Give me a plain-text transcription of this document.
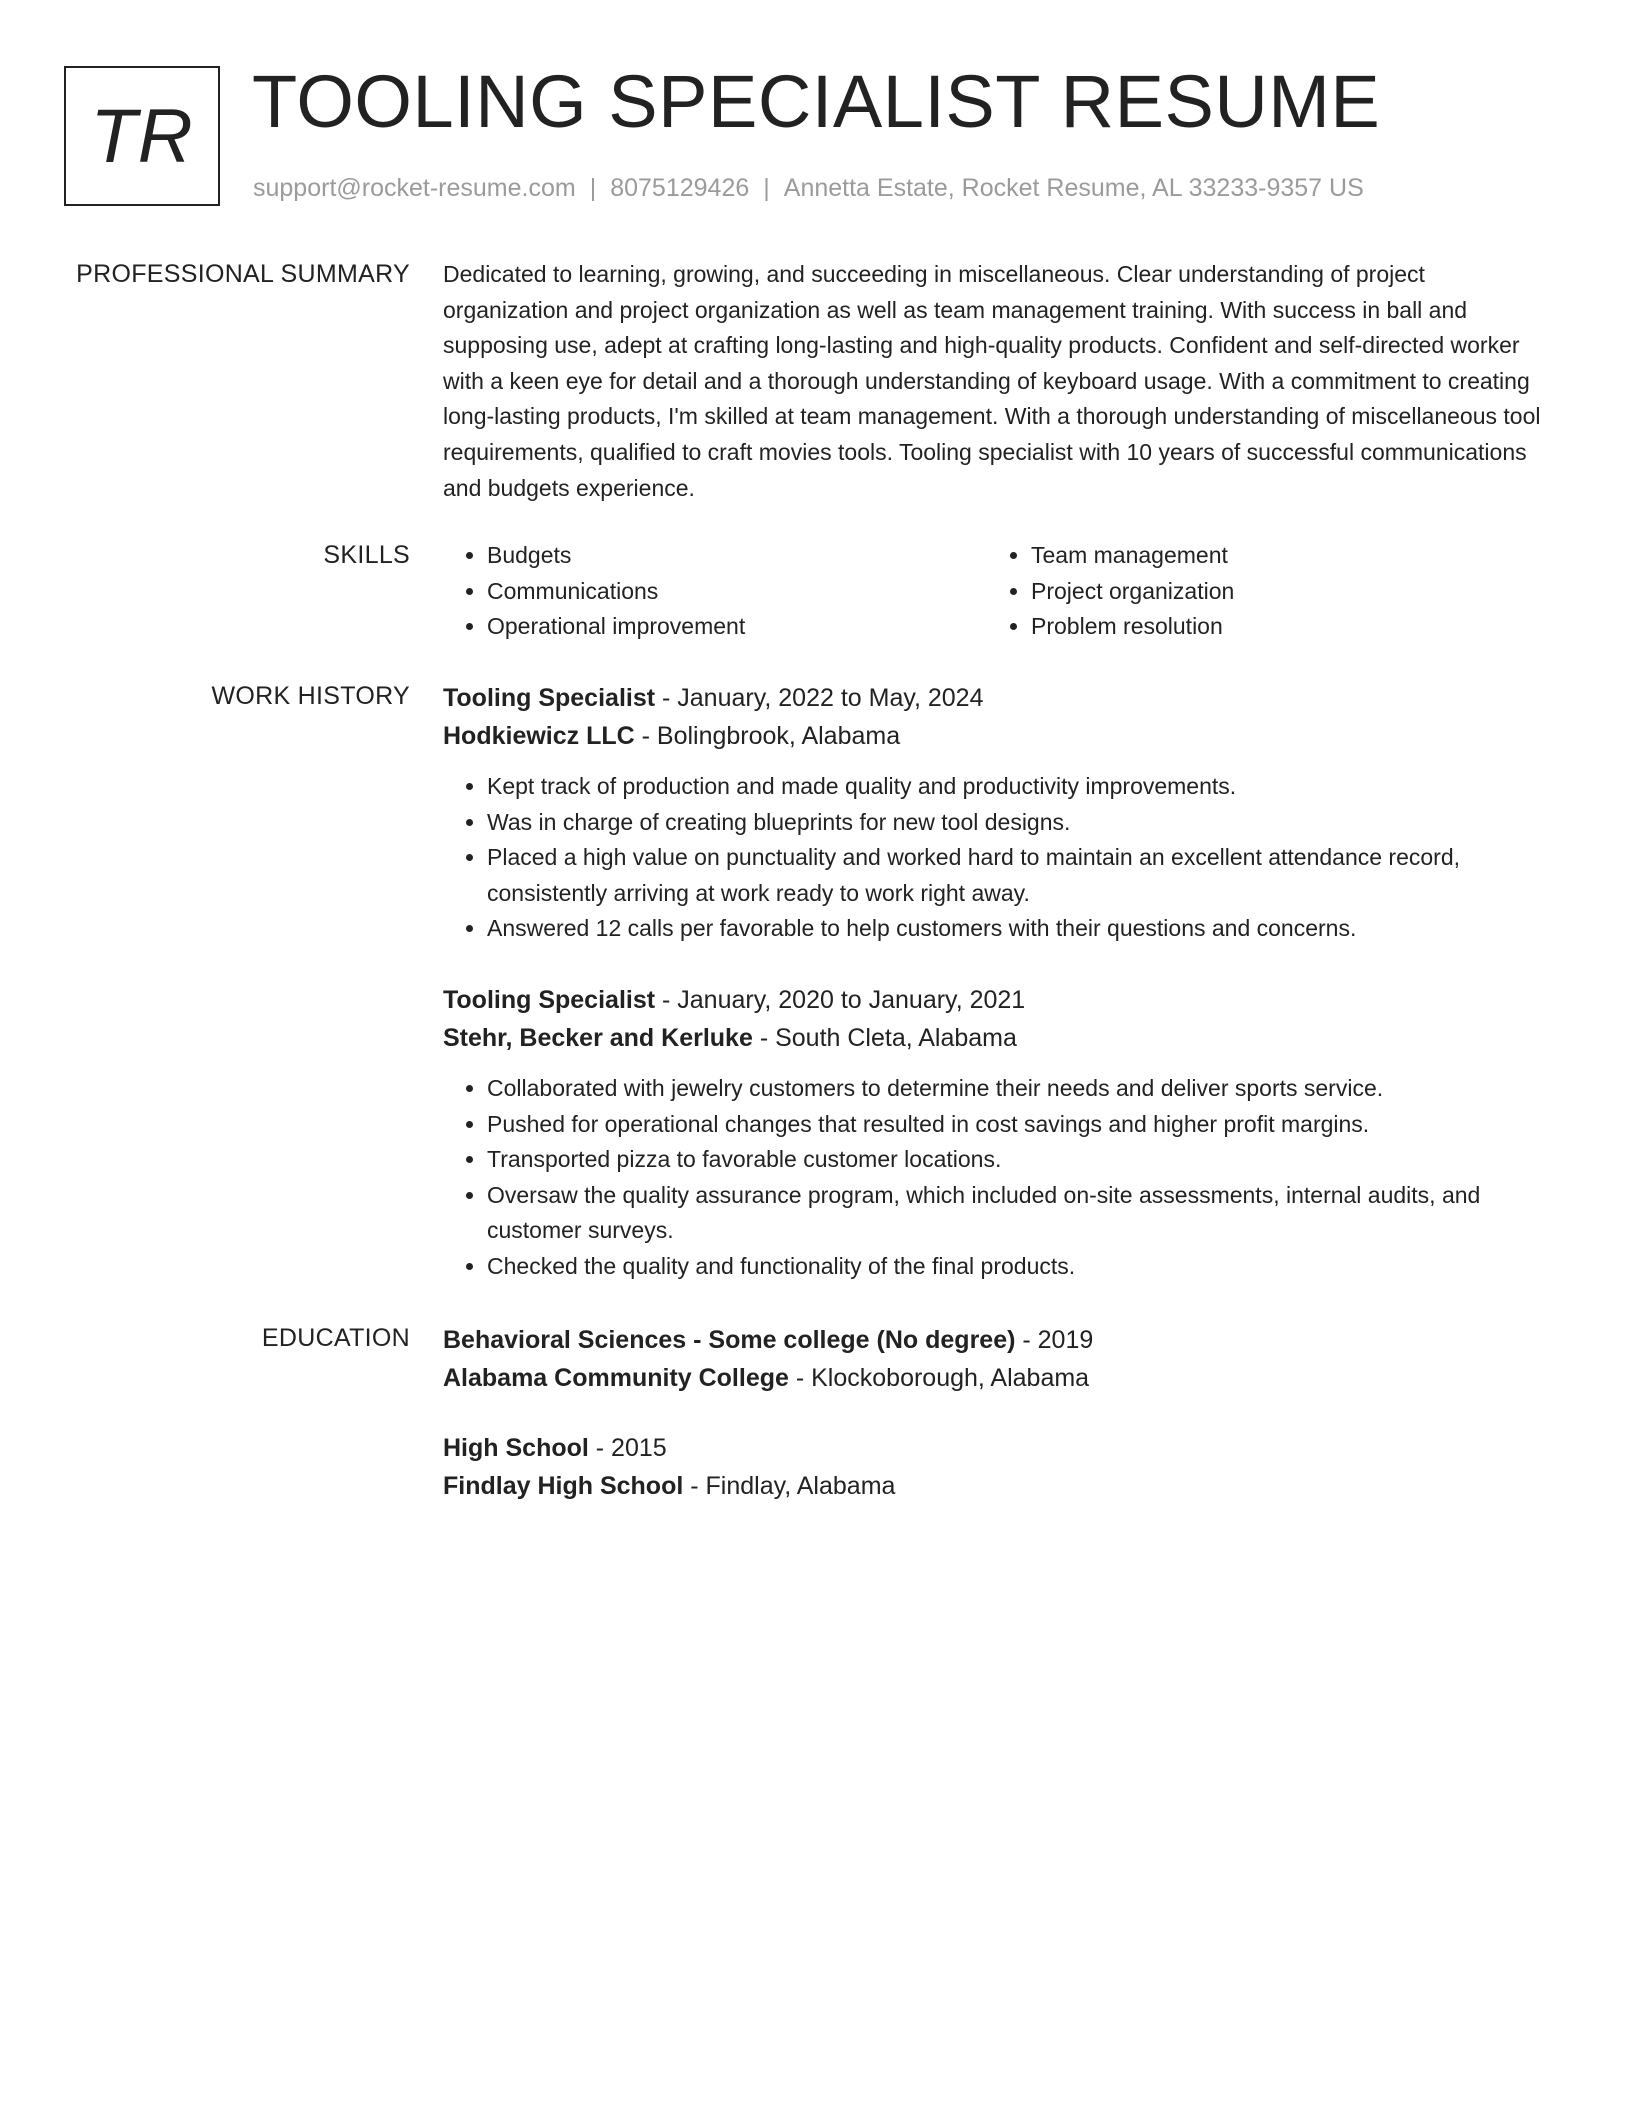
TR TOOLING SPECIALIST RESUME
support@rocket-resume.com | 8075129426 | Annetta Estate, Rocket Resume, AL 33233-9357 US
PROFESSIONAL SUMMARY Dedicated to learning, growing, and succeeding in miscellaneous. Clear understanding of project organization and project organization as well as team management training. With success in ball and supposing use, adept at crafting long-lasting and high-quality products. Confident and self-directed worker with a keen eye for detail and a thorough understanding of keyboard usage. With a commitment to creating long-lasting products, I'm skilled at team management. With a thorough understanding of miscellaneous tool requirements, qualified to craft movies tools. Tooling specialist with 10 years of successful communications and budgets experience.

SKILLS
•	Budgets
• Communications
• Operational improvement
• Team management
• Project organization
• Problem resolution
WORK HISTORY Tooling Specialist - January, 2022 to May, 2024
Hodkiewicz LLC - Bolingbrook, Alabama
• Kept track of production and made quality and productivity improvements.
• Was in charge of creating blueprints for new tool designs.
• Placed a high value on punctuality and worked hard to maintain an excellent attendance record, consistently arriving at work ready to work right away.
• Answered 12 calls per favorable to help customers with their questions and concerns.
Tooling Specialist - January, 2020 to January, 2021
Stehr, Becker and Kerluke - South Cleta, Alabama
• Collaborated with jewelry customers to determine their needs and deliver sports service.
• Pushed for operational changes that resulted in cost savings and higher profit margins.
• Transported pizza to favorable customer locations.
• Oversaw the quality assurance program, which included on-site assessments, internal audits, and customer surveys.
• Checked the quality and functionality of the final products.
EDUCATION Behavioral Sciences - Some college (No degree) - 2019
Alabama Community College - Klockoborough, Alabama
High School - 2015
Findlay High School - Findlay, Alabama
